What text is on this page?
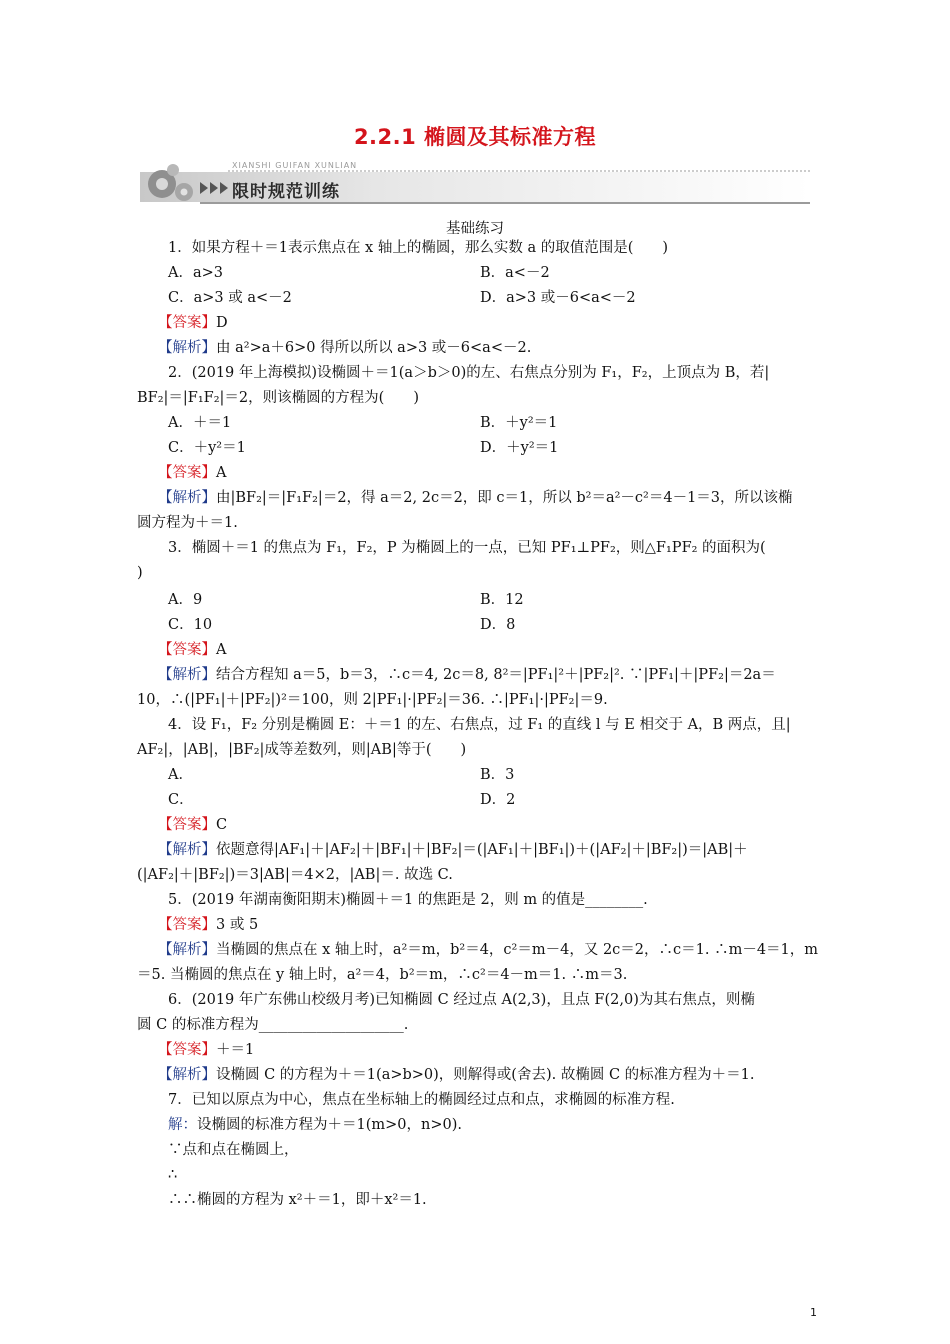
2.2.1 椭圆及其标准方程
XIANSHI GUIFAN XUNLIAN
限时规范训练
基础练习
1．如果方程＋＝1表示焦点在 x 轴上的椭圆，那么实数 a 的取值范围是(　　)
A．a>3	B．a<－2
C．a>3 或 a<－2	D．a>3 或－6<a<－2
【答案】D
【解析】由 a²>a＋6>0 得所以所以 a>3 或－6<a<－2.
2．(2019 年上海模拟)设椭圆＋＝1(a＞b＞0)的左、右焦点分别为 F₁，F₂，上顶点为 B，若|
BF₂|＝|F₁F₂|＝2，则该椭圆的方程为(　　)
A．＋＝1	B．＋y²＝1
C．＋y²＝1	D．＋y²＝1
【答案】A
【解析】由|BF₂|＝|F₁F₂|＝2，得 a＝2, 2c＝2，即 c＝1，所以 b²＝a²－c²＝4－1＝3，所以该椭
圆方程为＋＝1.
3．椭圆＋＝1 的焦点为 F₁，F₂，P 为椭圆上的一点，已知 PF₁⊥PF₂，则△F₁PF₂ 的面积为(
)
A．9	B．12
C．10	D．8
【答案】A
【解析】结合方程知 a＝5，b＝3，∴c＝4, 2c＝8, 8²＝|PF₁|²＋|PF₂|². ∵|PF₁|＋|PF₂|＝2a＝
10，∴(|PF₁|＋|PF₂|)²＝100，则 2|PF₁|·|PF₂|＝36. ∴|PF₁|·|PF₂|＝9.
4．设 F₁，F₂ 分别是椭圆 E：＋＝1 的左、右焦点，过 F₁ 的直线 l 与 E 相交于 A，B 两点，且|
AF₂|，|AB|，|BF₂|成等差数列，则|AB|等于(　　)
A．	B．3
C．	D．2
【答案】C
【解析】依题意得|AF₁|＋|AF₂|＋|BF₁|＋|BF₂|＝(|AF₁|＋|BF₁|)＋(|AF₂|＋|BF₂|)＝|AB|＋
(|AF₂|＋|BF₂|)＝3|AB|＝4×2，|AB|＝. 故选 C.
5．(2019 年湖南衡阳期末)椭圆＋＝1 的焦距是 2，则 m 的值是________.
【答案】3 或 5
【解析】当椭圆的焦点在 x 轴上时，a²＝m，b²＝4，c²＝m－4，又 2c＝2，∴c＝1. ∴m－4＝1，m
＝5. 当椭圆的焦点在 y 轴上时，a²＝4，b²＝m，∴c²＝4－m＝1. ∴m＝3.
6．(2019 年广东佛山校级月考)已知椭圆 C 经过点 A(2,3)，且点 F(2,0)为其右焦点，则椭
圆 C 的标准方程为____________________.
【答案】＋＝1
【解析】设椭圆 C 的方程为＋＝1(a>b>0)，则解得或(舍去). 故椭圆 C 的标准方程为＋＝1.
7．已知以原点为中心，焦点在坐标轴上的椭圆经过点和点，求椭圆的标准方程.
解：设椭圆的标准方程为＋＝1(m>0，n>0).
∵点和点在椭圆上，
∴
∴∴椭圆的方程为 x²＋＝1，即＋x²＝1.
1
